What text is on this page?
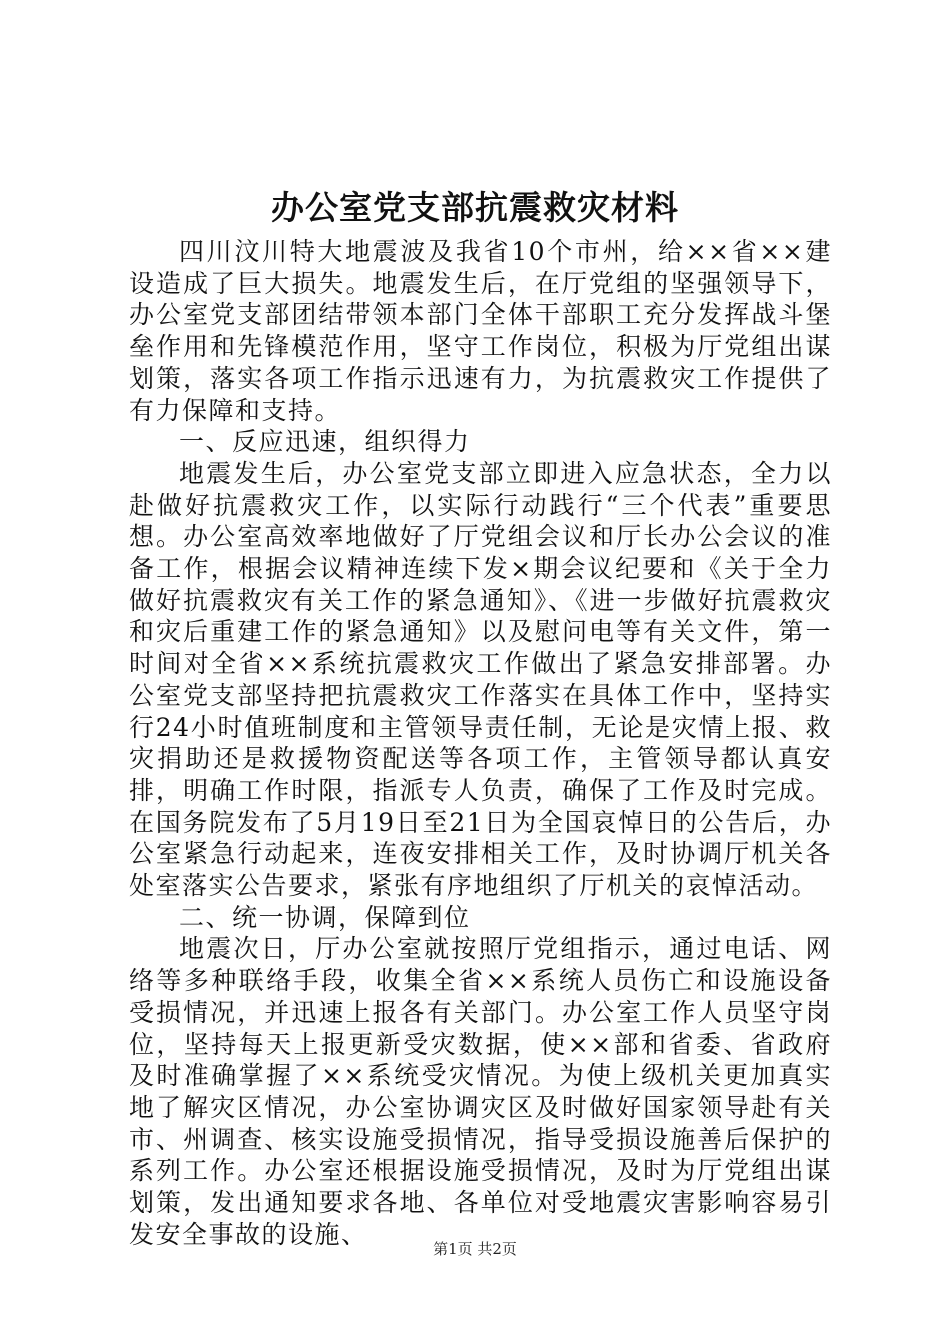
办公室党支部抗震救灾材料

四川汶川特大地震波及我省10个市州，给××省××建设造成了巨大损失。地震发生后，在厅党组的坚强领导下，办公室党支部团结带领本部门全体干部职工充分发挥战斗堡垒作用和先锋模范作用，坚守工作岗位，积极为厅党组出谋划策，落实各项工作指示迅速有力，为抗震救灾工作提供了有力保障和支持。

一、反应迅速，组织得力

地震发生后，办公室党支部立即进入应急状态，全力以赴做好抗震救灾工作，以实际行动践行“三个代表”重要思想。办公室高效率地做好了厅党组会议和厅长办公会议的准备工作，根据会议精神连续下发×期会议纪要和《关于全力做好抗震救灾有关工作的紧急通知》、《进一步做好抗震救灾和灾后重建工作的紧急通知》以及慰问电等有关文件，第一时间对全省××系统抗震救灾工作做出了紧急安排部署。办公室党支部坚持把抗震救灾工作落实在具体工作中，坚持实行24小时值班制度和主管领导责任制，无论是灾情上报、救灾捐助还是救援物资配送等各项工作，主管领导都认真安排，明确工作时限，指派专人负责，确保了工作及时完成。在国务院发布了5月19日至21日为全国哀悼日的公告后，办公室紧急行动起来，连夜安排相关工作，及时协调厅机关各处室落实公告要求，紧张有序地组织了厅机关的哀悼活动。

二、统一协调，保障到位

地震次日，厅办公室就按照厅党组指示，通过电话、网络等多种联络手段，收集全省××系统人员伤亡和设施设备受损情况，并迅速上报各有关部门。办公室工作人员坚守岗位，坚持每天上报更新受灾数据，使××部和省委、省政府及时准确掌握了××系统受灾情况。为使上级机关更加真实地了解灾区情况，办公室协调灾区及时做好国家领导赴有关市、州调查、核实设施受损情况，指导受损设施善后保护的系列工作。办公室还根据设施受损情况，及时为厅党组出谋划策，发出通知要求各地、各单位对受地震灾害影响容易引发安全事故的设施、

第1页 共2页
